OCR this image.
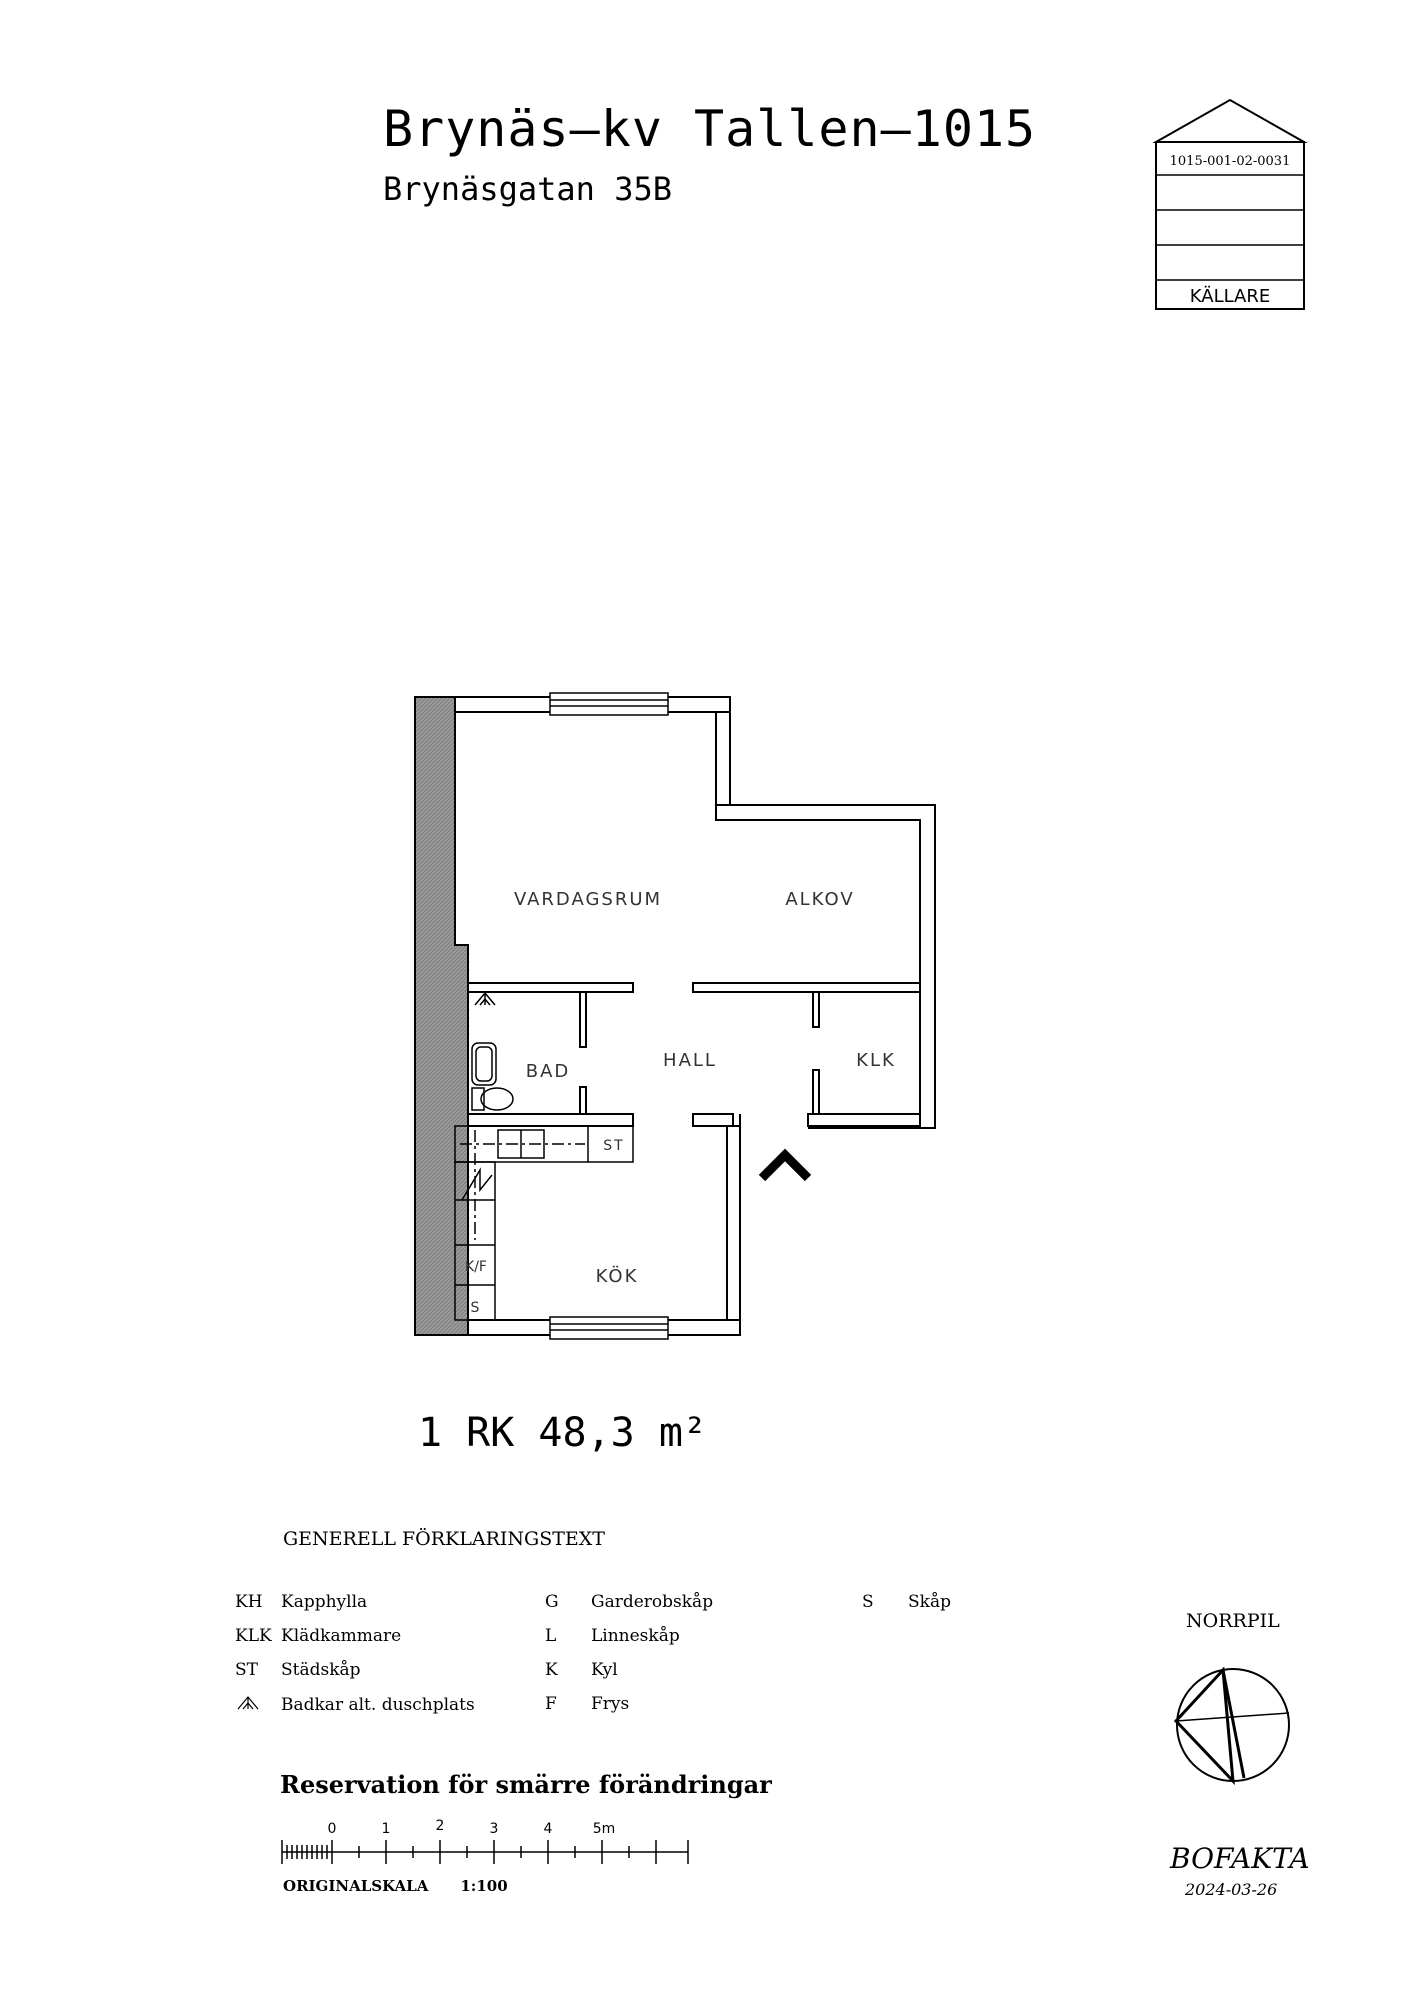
Brynäs–kv Tallen–1015
Brynäsgatan 35B
1015-001-02-0031
KÄLLARE
VARDAGSRUM	ALKOV
BAD
HALL	KLK
KÖK
ST
K/F
S
1 RK 48,3 m²
GENERELL FÖRKLARINGSTEXT
KH Kapphylla
KLK Klädkammare
ST Städskåp
Badkar alt. duschplats
G Garderobskåp
L Linneskåp
K Kyl
F Frys
S Skåp
Reservation för smärre förändringar
0	1	2	3	4	5m
ORIGINALSKALA 1:100
NORRPIL
BOFAKTA
2024-03-26
